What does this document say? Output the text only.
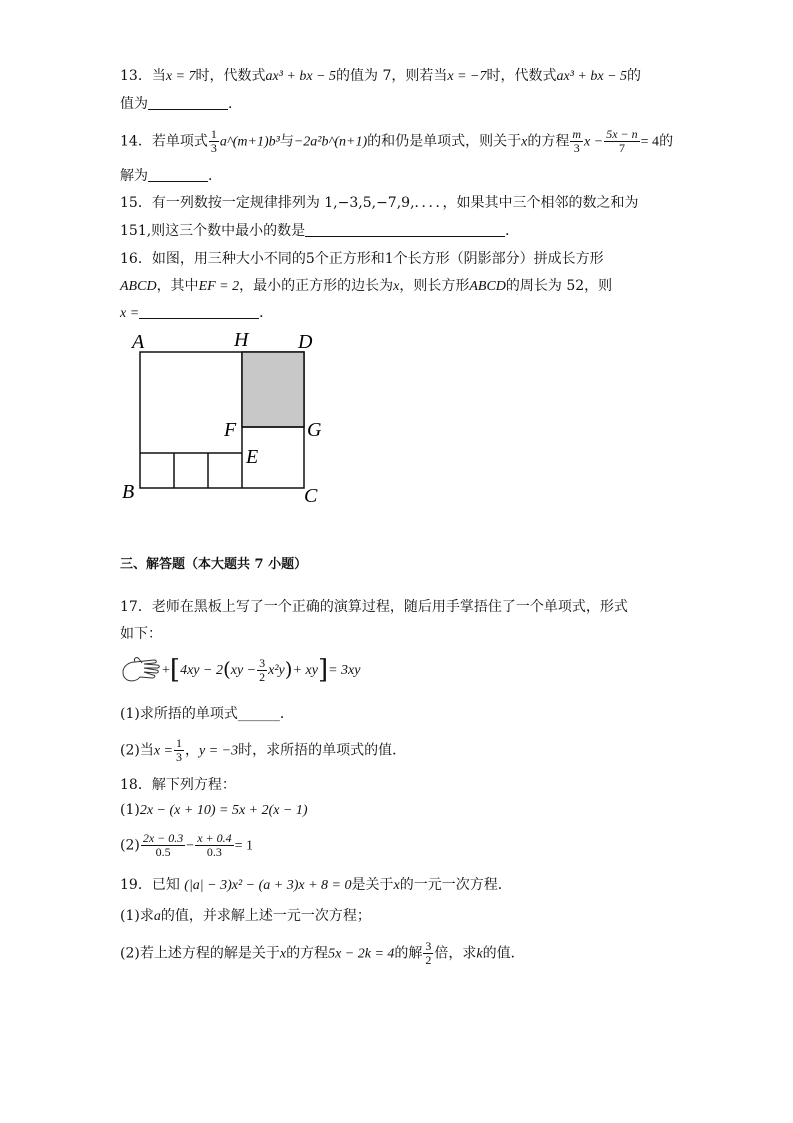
13．当x = 7时，代数式ax³ + bx − 5的值为 7，则若当x = −7时，代数式ax³ + bx − 5的
值为	．
14．若单项式 $\frac{1}{3}$ a^(m+1)b³与−2a²b^(n+1)的和仍是单项式，则关于x的方程 $\frac{m}{3}$ $x - \frac{5x - n}{7} = 4$的
解为	．
15．有一列数按一定规律排列为 1,−3,5,−7,9,．．．．，如果其中三个相邻的数之和为
151,则这三个数中最小的数是	．
16．如图，用三种大小不同的5个正方形和1个长方形（阴影部分）拼成长方形
ABCD，其中EF = 2，最小的正方形的边长为x，则长方形ABCD的周长为 52，则
x =	．
A	H D
F	G
E
B	C
三、解答题（本大题共 7 小题）
17．老师在黑板上写了一个正确的演算过程，随后用手掌捂住了一个单项式，形式
如下：
$+[4xy - 2(xy - \frac{3}{2} x^2y)+ xy]= 3xy$
(1)求所捂的单项式______．
(2)当$x = \frac{1}{3}$ ，y = −3时，求所捂的单项式的值．
18．解下列方程：
(1)2x − (x + 10) = 5x + 2(x − 1)
$(2) \frac{2x - 0.3}{0.5} - \frac{x + 0.4}{0.3} = 1$
19．已知 (|a| − 3)x² − (a + 3)x + 8 = 0是关于x的一元一次方程．
(1)求a的值，并求解上述一元一次方程；
(2)若上述方程的解是关于x的方程5x − 2k = 4的解 $\frac{3}{2}$ 倍，求k的值．
